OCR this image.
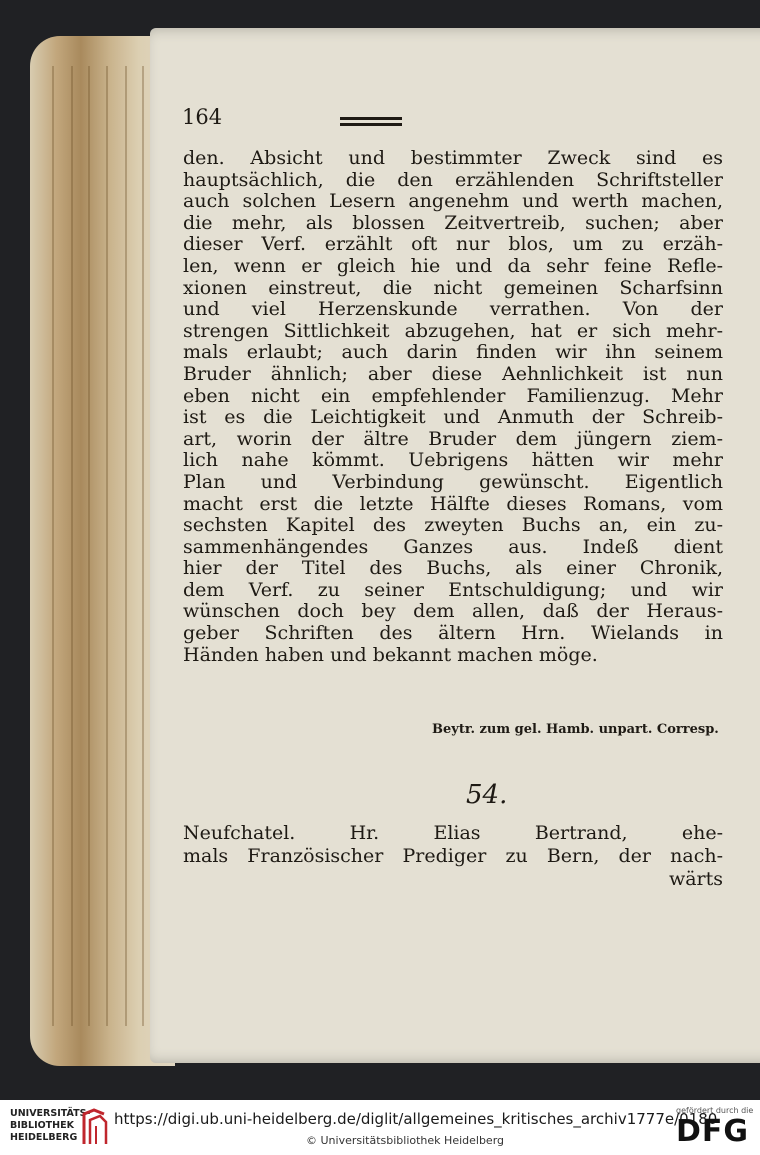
164
den. Absicht und bestimmter Zweck sind es
hauptsächlich, die den erzählenden Schriftsteller
auch solchen Lesern angenehm und werth machen,
die mehr, als blossen Zeitvertreib, suchen; aber
dieser Verf. erzählt oft nur blos, um zu erzäh-
len, wenn er gleich hie und da sehr feine Refle-
xionen einstreut, die nicht gemeinen Scharfsinn
und viel Herzenskunde verrathen. Von der
strengen Sittlichkeit abzugehen, hat er sich mehr-
mals erlaubt; auch darin finden wir ihn seinem
Bruder ähnlich; aber diese Aehnlichkeit ist nun
eben nicht ein empfehlender Familienzug. Mehr
ist es die Leichtigkeit und Anmuth der Schreib-
art, worin der ältre Bruder dem jüngern ziem-
lich nahe kömmt. Uebrigens hätten wir mehr
Plan und Verbindung gewünscht. Eigentlich
macht erst die letzte Hälfte dieses Romans, vom
sechsten Kapitel des zweyten Buchs an, ein zu-
sammenhängendes Ganzes aus. Indeß dient
hier der Titel des Buchs, als einer Chronik,
dem Verf. zu seiner Entschuldigung; und wir
wünschen doch bey dem allen, daß der Heraus-
geber Schriften des ältern Hrn. Wielands in
Händen haben und bekannt machen möge.
Beytr. zum gel. Hamb. unpart. Corresp.
54.
Neufchatel. Hr. Elias Bertrand, ehe-
mals Französischer Prediger zu Bern, der nach-
wärts
UNIVERSITÄTS-
BIBLIOTHEK
HEIDELBERG
https://digi.ub.uni-heidelberg.de/diglit/allgemeines_kritisches_archiv1777e/0180
© Universitätsbibliothek Heidelberg
gefördert durch die
DFG
